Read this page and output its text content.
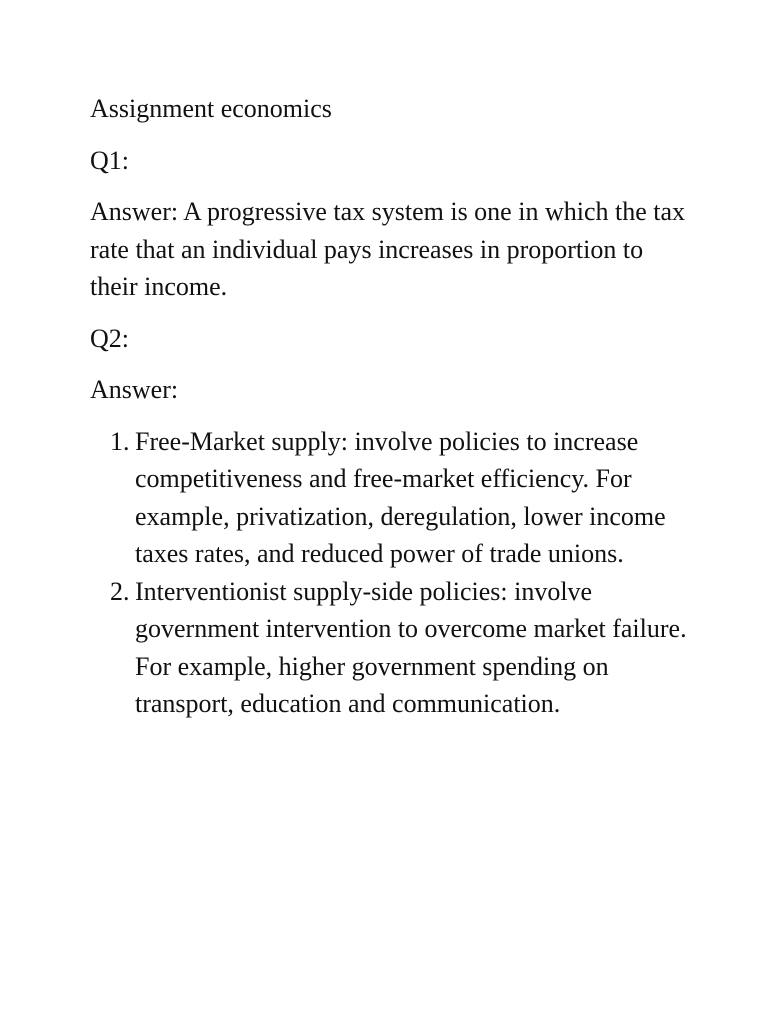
Assignment economics

Q1:

Answer: A progressive tax system is one in which the tax rate that an individual pays increases in proportion to their income.

Q2:

Answer:

1. Free-Market supply: involve policies to increase competitiveness and free-market efficiency. For example, privatization, deregulation, lower income taxes rates, and reduced power of trade unions.
2. Interventionist supply-side policies: involve government intervention to overcome market failure. For example, higher government spending on transport, education and communication.
